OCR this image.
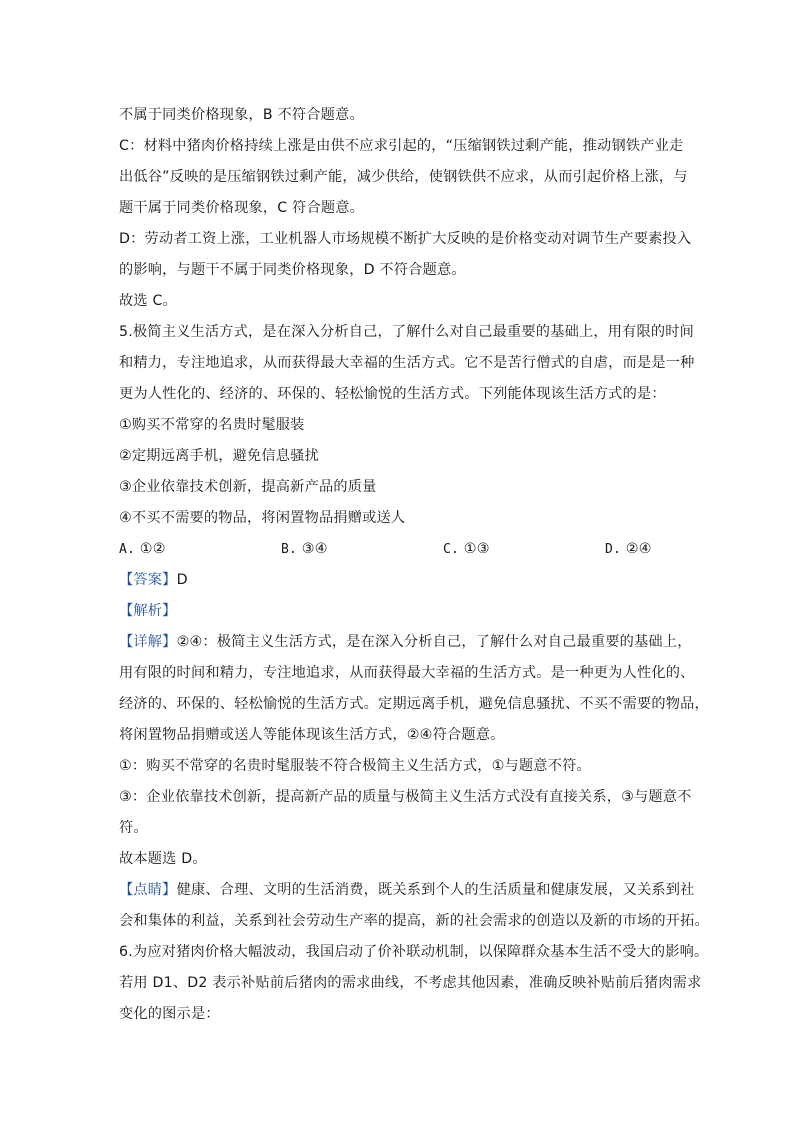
不属于同类价格现象，B 不符合题意。

C：材料中猪肉价格持续上涨是由供不应求引起的，“压缩钢铁过剩产能，推动钢铁产业走

出低谷”反映的是压缩钢铁过剩产能，减少供给，使钢铁供不应求，从而引起价格上涨，与

题干属于同类价格现象，C 符合题意。

D：劳动者工资上涨，工业机器人市场规模不断扩大反映的是价格变动对调节生产要素投入

的影响，与题干不属于同类价格现象，D 不符合题意。

故选 C。

5.极简主义生活方式，是在深入分析自己，了解什么对自己最重要的基础上，用有限的时间

和精力，专注地追求，从而获得最大幸福的生活方式。它不是苦行僧式的自虐，而是是一种

更为人性化的、经济的、环保的、轻松愉悦的生活方式。下列能体现该生活方式的是：

①购买不常穿的名贵时髦服装

②定期远离手机，避免信息骚扰

③企业依靠技术创新，提高新产品的质量

④不买不需要的物品，将闲置物品捐赠或送人

A. ①②	B. ③④	C. ①③	D. ②④

【答案】D

【解析】

【详解】②④：极简主义生活方式，是在深入分析自己，了解什么对自己最重要的基础上，

用有限的时间和精力，专注地追求，从而获得最大幸福的生活方式。是一种更为人性化的、

经济的、环保的、轻松愉悦的生活方式。定期远离手机，避免信息骚扰、不买不需要的物品，

将闲置物品捐赠或送人等能体现该生活方式，②④符合题意。

①：购买不常穿的名贵时髦服装不符合极简主义生活方式，①与题意不符。

③：企业依靠技术创新，提高新产品的质量与极简主义生活方式没有直接关系，③与题意不

符。

故本题选 D。

【点睛】健康、合理、文明的生活消费，既关系到个人的生活质量和健康发展，又关系到社

会和集体的利益，关系到社会劳动生产率的提高，新的社会需求的创造以及新的市场的开拓。

6.为应对猪肉价格大幅波动，我国启动了价补联动机制，以保障群众基本生活不受大的影响。

若用 D1、D2 表示补贴前后猪肉的需求曲线，不考虑其他因素，准确反映补贴前后猪肉需求

变化的图示是：
